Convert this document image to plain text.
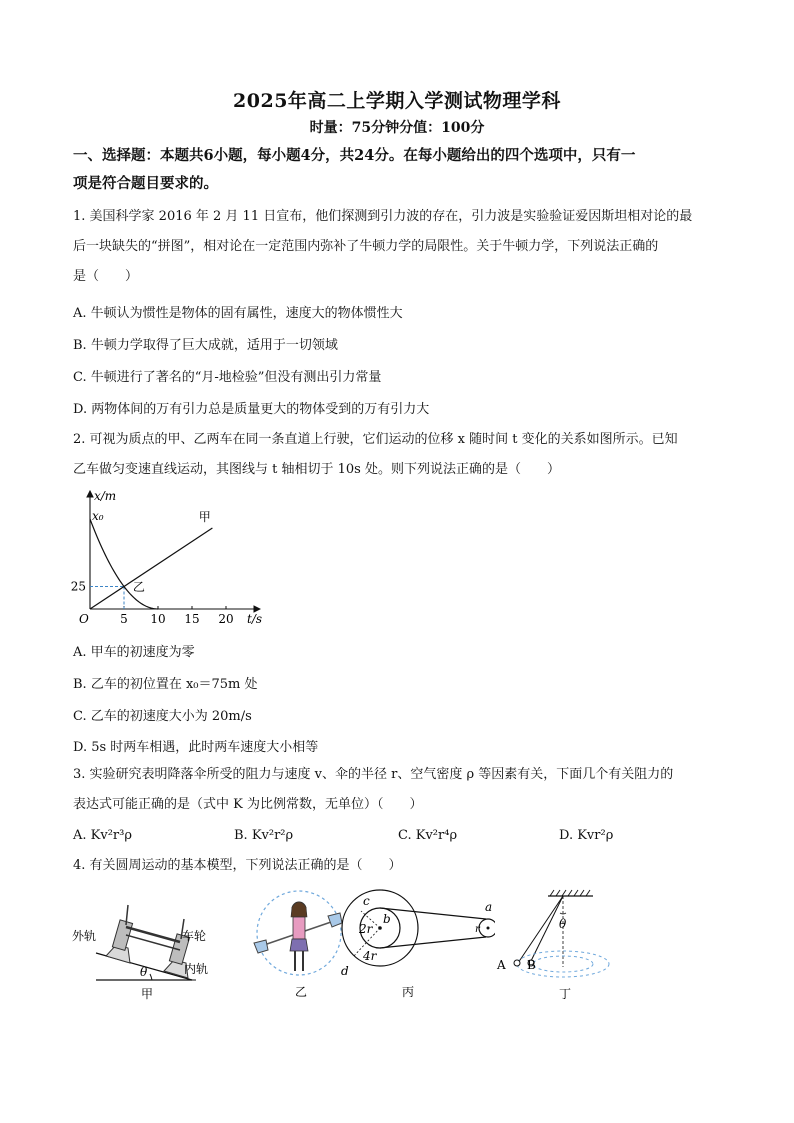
2025年高二上学期入学测试物理学科
时量：75分钟分值：100分
一、选择题：本题共6小题，每小题4分，共24分。在每小题给出的四个选项中，只有一
项是符合题目要求的。
1. 美国科学家 2016 年 2 月 11 日宣布，他们探测到引力波的存在，引力波是实验验证爱因斯坦相对论的最
后一块缺失的“拼图”，相对论在一定范围内弥补了牛顿力学的局限性。关于牛顿力学，下列说法正确的
是（　　）
A. 牛顿认为惯性是物体的固有属性，速度大的物体惯性大
B. 牛顿力学取得了巨大成就，适用于一切领域
C. 牛顿进行了著名的“月-地检验”但没有测出引力常量
D. 两物体间的万有引力总是质量更大的物体受到的万有引力大
2. 可视为质点的甲、乙两车在同一条直道上行驶，它们运动的位移 x 随时间 t 变化的关系如图所示。已知
乙车做匀变速直线运动，其图线与 t 轴相切于 10s 处。则下列说法正确的是（　　）
5 10 15 20
25
甲
乙
x/m
t/s
O
x₀
A. 甲车的初速度为零
B. 乙车的初位置在 x₀＝75m 处
C. 乙车的初速度大小为 20m/s
D. 5s 时两车相遇，此时两车速度大小相等
3. 实验研究表明降落伞所受的阻力与速度 v、伞的半径 r、空气密度 ρ 等因素有关，下面几个有关阻力的
表达式可能正确的是（式中 K 为比例常数，无单位）（　　）
A. Kv²r³ρ	B. Kv²r²ρ	C. Kv²r⁴ρ	D. Kvr²ρ
4. 有关圆周运动的基本模型，下列说法正确的是（　　）
外轨	车轮
内轨
θ
甲	乙
c
b
2r
4r
d
a
r
丙
θ
A B
丁
